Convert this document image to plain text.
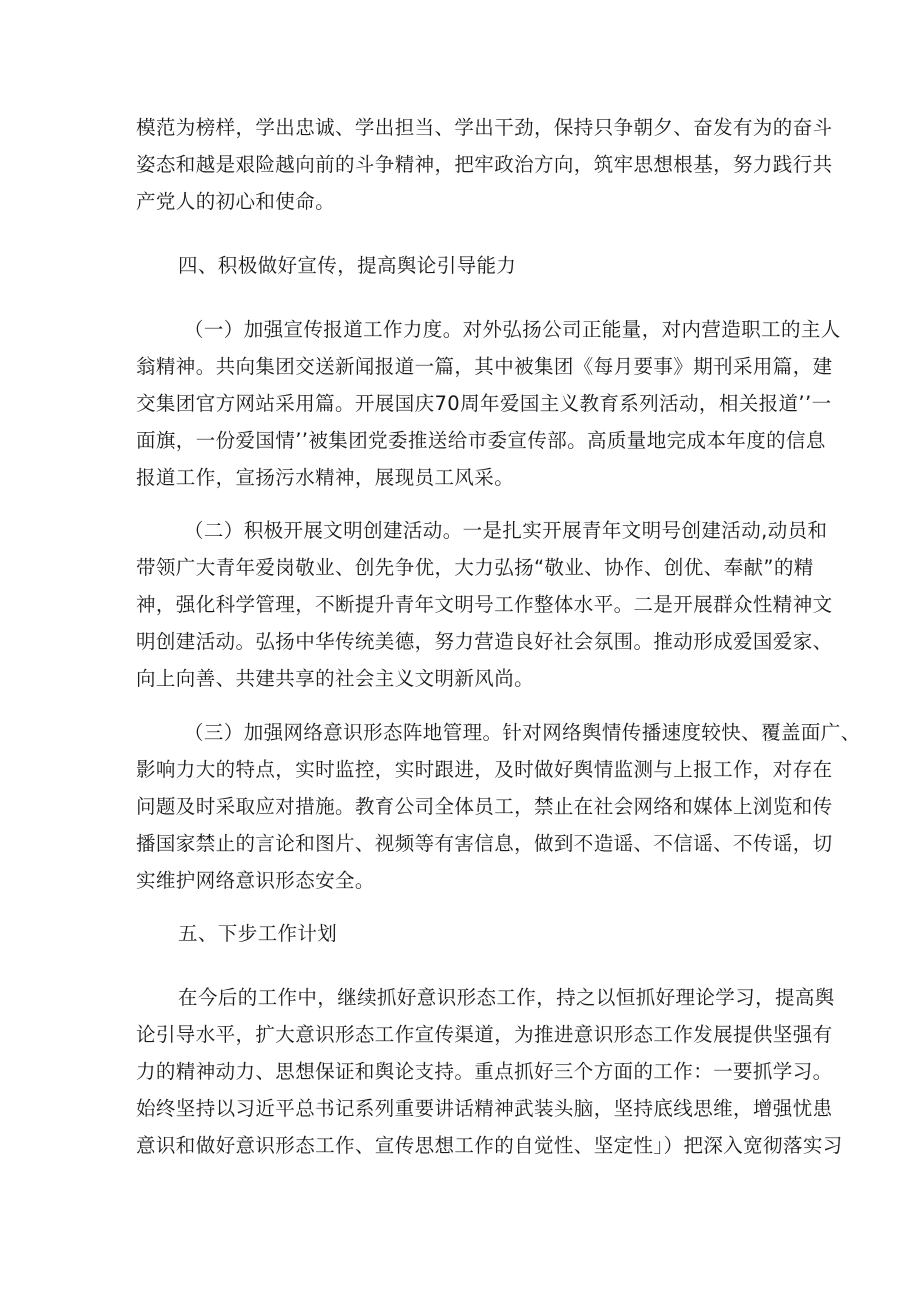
模范为榜样，学出忠诚、学出担当、学出干劲，保持只争朝夕、奋发有为的奋斗
姿态和越是艰险越向前的斗争精神，把牢政治方向，筑牢思想根基，努力践行共
产党人的初心和使命。
四、积极做好宣传，提高舆论引导能力
（一）加强宣传报道工作力度。对外弘扬公司正能量，对内营造职工的主人
翁精神。共向集团交送新闻报道一篇，其中被集团《每月要事》期刊采用篇，建
交集团官方网站采用篇。开展国庆70周年爱国主义教育系列活动，相关报道’’一
面旗，一份爱国情’’被集团党委推送给市委宣传部。高质量地完成本年度的信息
报道工作，宣扬污水精神，展现员工风采。
（二）积极开展文明创建活动。一是扎实开展青年文明号创建活动,动员和
带领广大青年爱岗敬业、创先争优，大力弘扬“敬业、协作、创优、奉献”的精
神，强化科学管理，不断提升青年文明号工作整体水平。二是开展群众性精神文
明创建活动。弘扬中华传统美德，努力营造良好社会氛围。推动形成爱国爱家、
向上向善、共建共享的社会主义文明新风尚。
（三）加强网络意识形态阵地管理。针对网络舆情传播速度较快、覆盖面广、
影响力大的特点，实时监控，实时跟进，及时做好舆情监测与上报工作，对存在
问题及时采取应对措施。教育公司全体员工，禁止在社会网络和媒体上浏览和传
播国家禁止的言论和图片、视频等有害信息，做到不造谣、不信谣、不传谣，切
实维护网络意识形态安全。
五、下步工作计划
在今后的工作中，继续抓好意识形态工作，持之以恒抓好理论学习，提高舆
论引导水平，扩大意识形态工作宣传渠道，为推进意识形态工作发展提供坚强有
力的精神动力、思想保证和舆论支持。重点抓好三个方面的工作：一要抓学习。
始终坚持以习近平总书记系列重要讲话精神武装头脑，坚持底线思维，增强忧患
意识和做好意识形态工作、宣传思想工作的自觉性、坚定性」）把深入宽彻落实习
